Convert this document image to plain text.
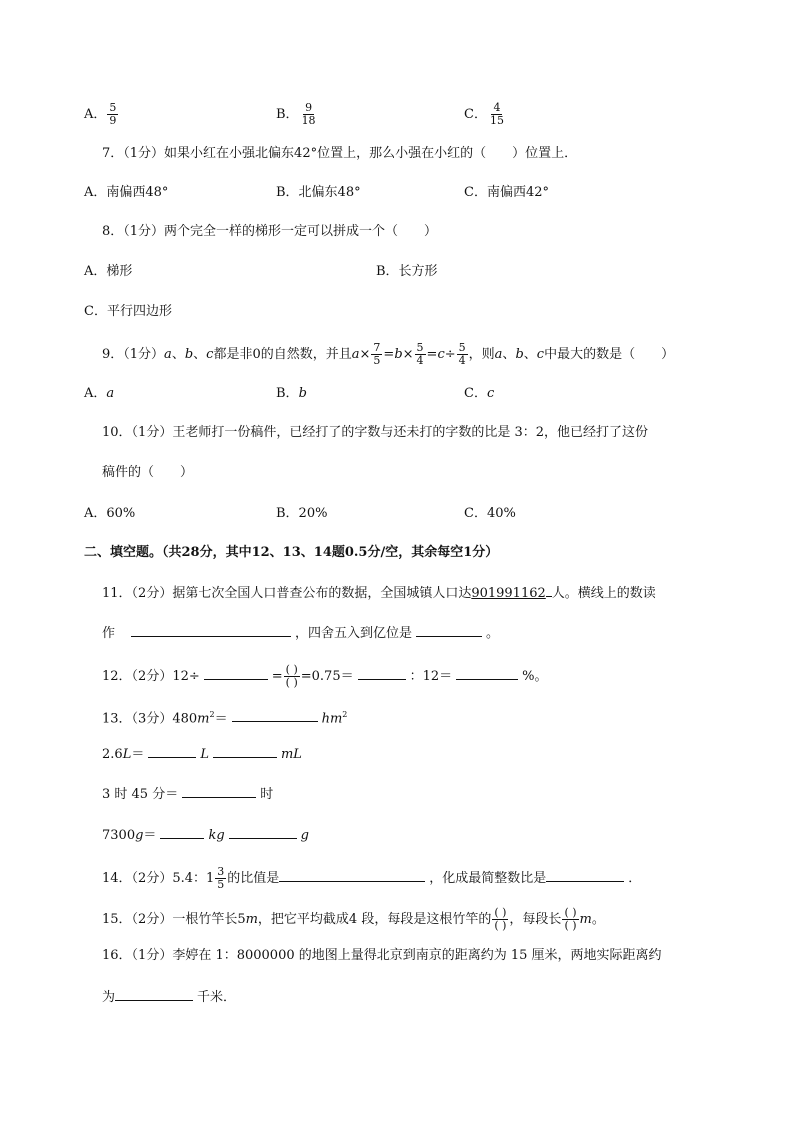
A． $\frac{5}{9}$	B． $\frac{9}{18}$	C． $\frac{4}{15}$
7．（1分）如果小红在小强北偏东42°位置上，那么小强在小红的（　　）位置上．
A．南偏西48°	B．北偏东48°	C．南偏西42°
8．（1分）两个完全一样的梯形一定可以拼成一个（　　）
A．梯形	B．长方形
C．平行四边形
9．（1分）a、b、c都是非0的自然数，并且$a\times \frac{7}{5} =b\times \frac{5}{4} =c\div \frac{5}{4}$ ，则a、b、c中最大的数是（　　）
A．a	B．b	C．c
10．（1分）王老师打一份稿件，已经打了的字数与还未打的字数的比是 3：2，他已经打了这份
稿件的（　　）
A．60%	B．20%	C．40%
二、填空题。（共28分，其中12、13、14题0.5分/空，其余每空1分）
11．（2分）据第七次全国人口普查公布的数据，全国城镇人口达901991162 人。横线上的数读
作	，四舍五入到亿位是	。
12．（2分）12÷	= $\frac{( )}{( )} =0.75=$	：12＝	%。
13．（3分）$480m^2=$	$hm^2$
2.6L＝	L	mL
3 时 45 分＝	时
7300g＝	kg	g
14．（2分）5.4：$1 \frac{3}{5}$ 的比值是	，化成最简整数比是	．
15．（2分）一根竹竿长5m，把它平均截成4 段，每段是这根竹竿的 $\frac{( )}{( )}$ ，每段长 $\frac{( )}{( )}$ m。
16．（1分）李婷在 1：8000000 的地图上量得北京到南京的距离约为 15 厘米，两地实际距离约
为	千米．
